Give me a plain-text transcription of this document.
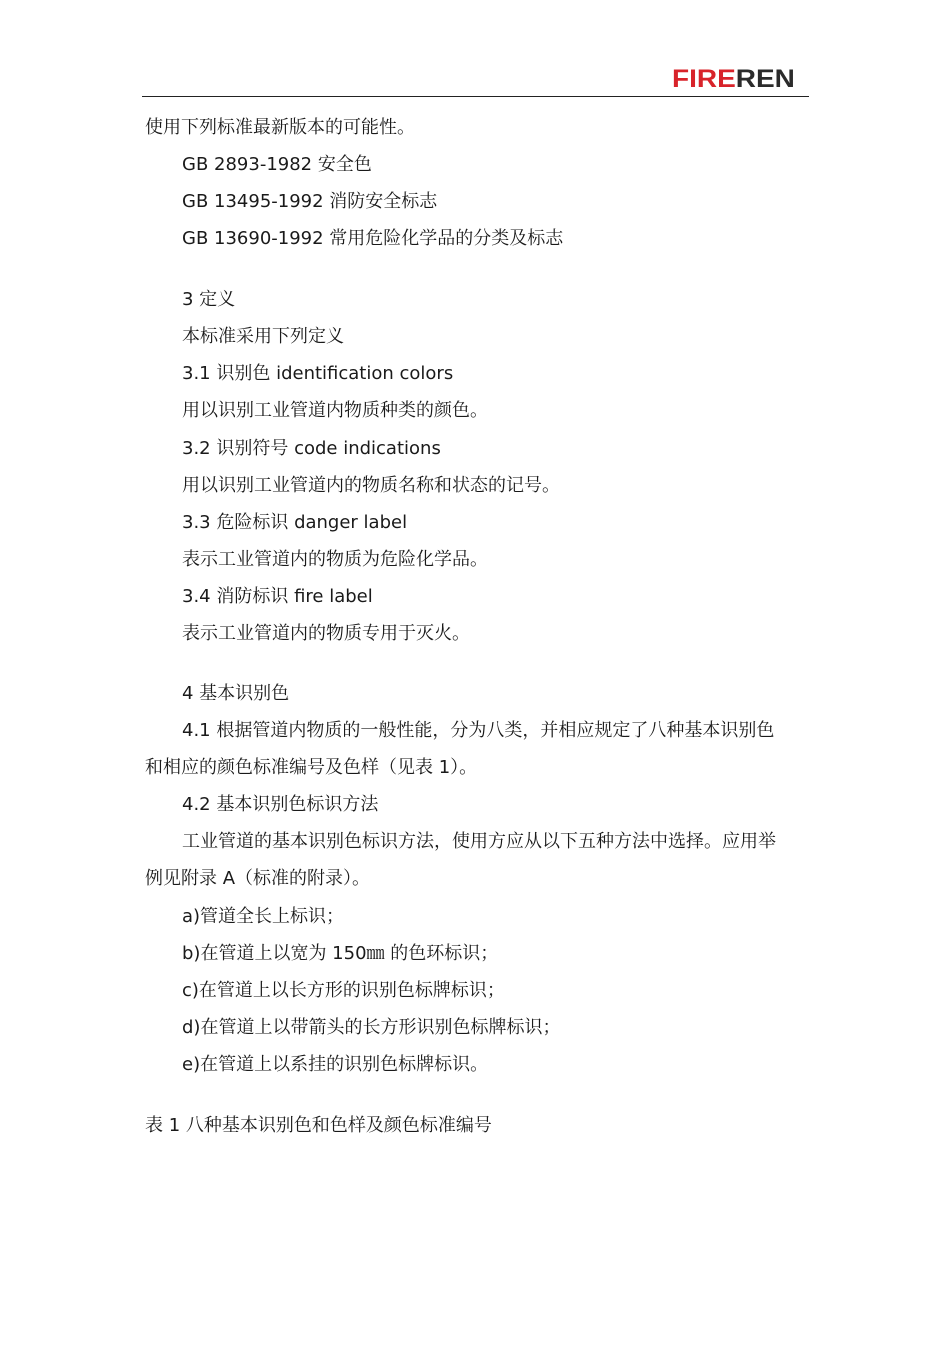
FIREREN
使用下列标准最新版本的可能性。
GB 2893-1982 安全色
GB 13495-1992 消防安全标志
GB 13690-1992 常用危险化学品的分类及标志
3 定义
本标准采用下列定义
3.1 识别色 identification colors
用以识别工业管道内物质种类的颜色。
3.2 识别符号 code indications
用以识别工业管道内的物质名称和状态的记号。
3.3 危险标识 danger label
表示工业管道内的物质为危险化学品。
3.4 消防标识 fire label
表示工业管道内的物质专用于灭火。
4 基本识别色
4.1 根据管道内物质的一般性能，分为八类，并相应规定了八种基本识别色
和相应的颜色标准编号及色样（见表 1）。
4.2 基本识别色标识方法
工业管道的基本识别色标识方法，使用方应从以下五种方法中选择。应用举
例见附录 A（标准的附录）。
a)管道全长上标识；
b)在管道上以宽为 150㎜ 的色环标识；
c)在管道上以长方形的识别色标牌标识；
d)在管道上以带箭头的长方形识别色标牌标识；
e)在管道上以系挂的识别色标牌标识。
表 1 八种基本识别色和色样及颜色标准编号
